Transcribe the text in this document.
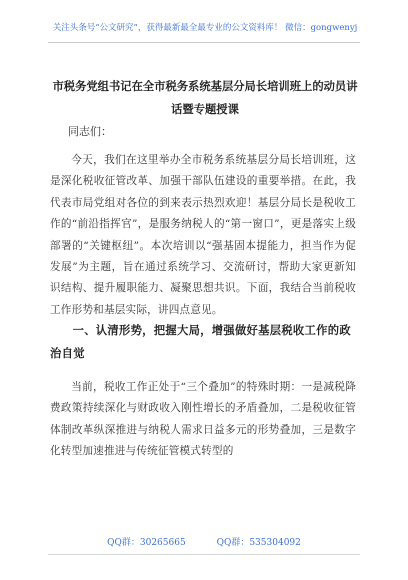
关注头条号“公文研究”，获得最新最全最专业的公文资料库！ 微信：gongwenyj
市税务党组书记在全市税务系统基层分局长培训班上的动员讲话暨专题授课
同志们：
今天，我们在这里举办全市税务系统基层分局长培训班，这是深化税收征管改革、加强干部队伍建设的重要举措。在此，我代表市局党组对各位的到来表示热烈欢迎！基层分局长是税收工作的“前沿指挥官”，是服务纳税人的“第一窗口”，更是落实上级部署的“关键枢纽”。本次培训以“强基固本提能力，担当作为促发展”为主题，旨在通过系统学习、交流研讨，帮助大家更新知识结构、提升履职能力、凝聚思想共识。下面，我结合当前税收工作形势和基层实际，讲四点意见。
一、认清形势，把握大局，增强做好基层税收工作的政治自觉
当前，税收工作正处于“三个叠加”的特殊时期：一是减税降费政策持续深化与财政收入刚性增长的矛盾叠加，二是税收征管体制改革纵深推进与纳税人需求日益多元的形势叠加，三是数字化转型加速推进与传统征管模式转型的
QQ群：30265665	QQ群：535304092
